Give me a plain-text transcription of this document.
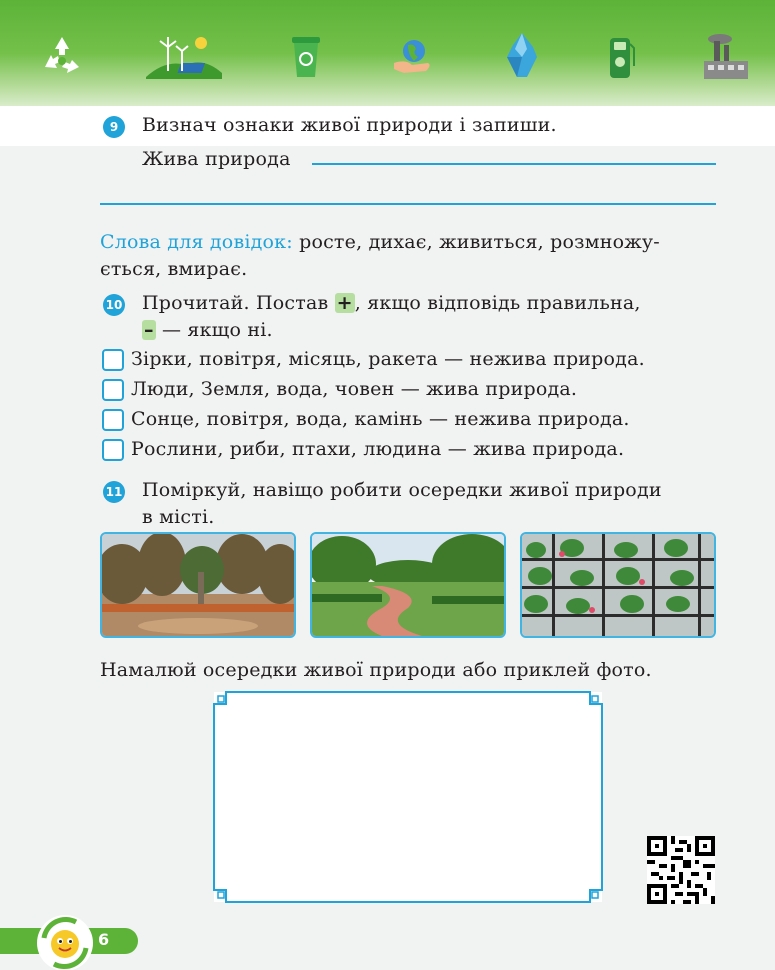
9	Визнач ознаки живої природи і запиши.
Жива природа
Слова для довідок: росте, дихає, живиться, розмножу-
ється, вмирає.
10 Прочитай. Постав + , якщо відповідь правильна,
– — якщо ні.
Зірки, повітря, місяць, ракета — нежива природа.
Люди, Земля, вода, човен — жива природа.
Сонце, повітря, вода, камінь — нежива природа.
Рослини, риби, птахи, людина — жива природа.
11 Поміркуй, навіщо робити осередки живої природи
в місті.
Намалюй осередки живої природи або приклей фото.
6
